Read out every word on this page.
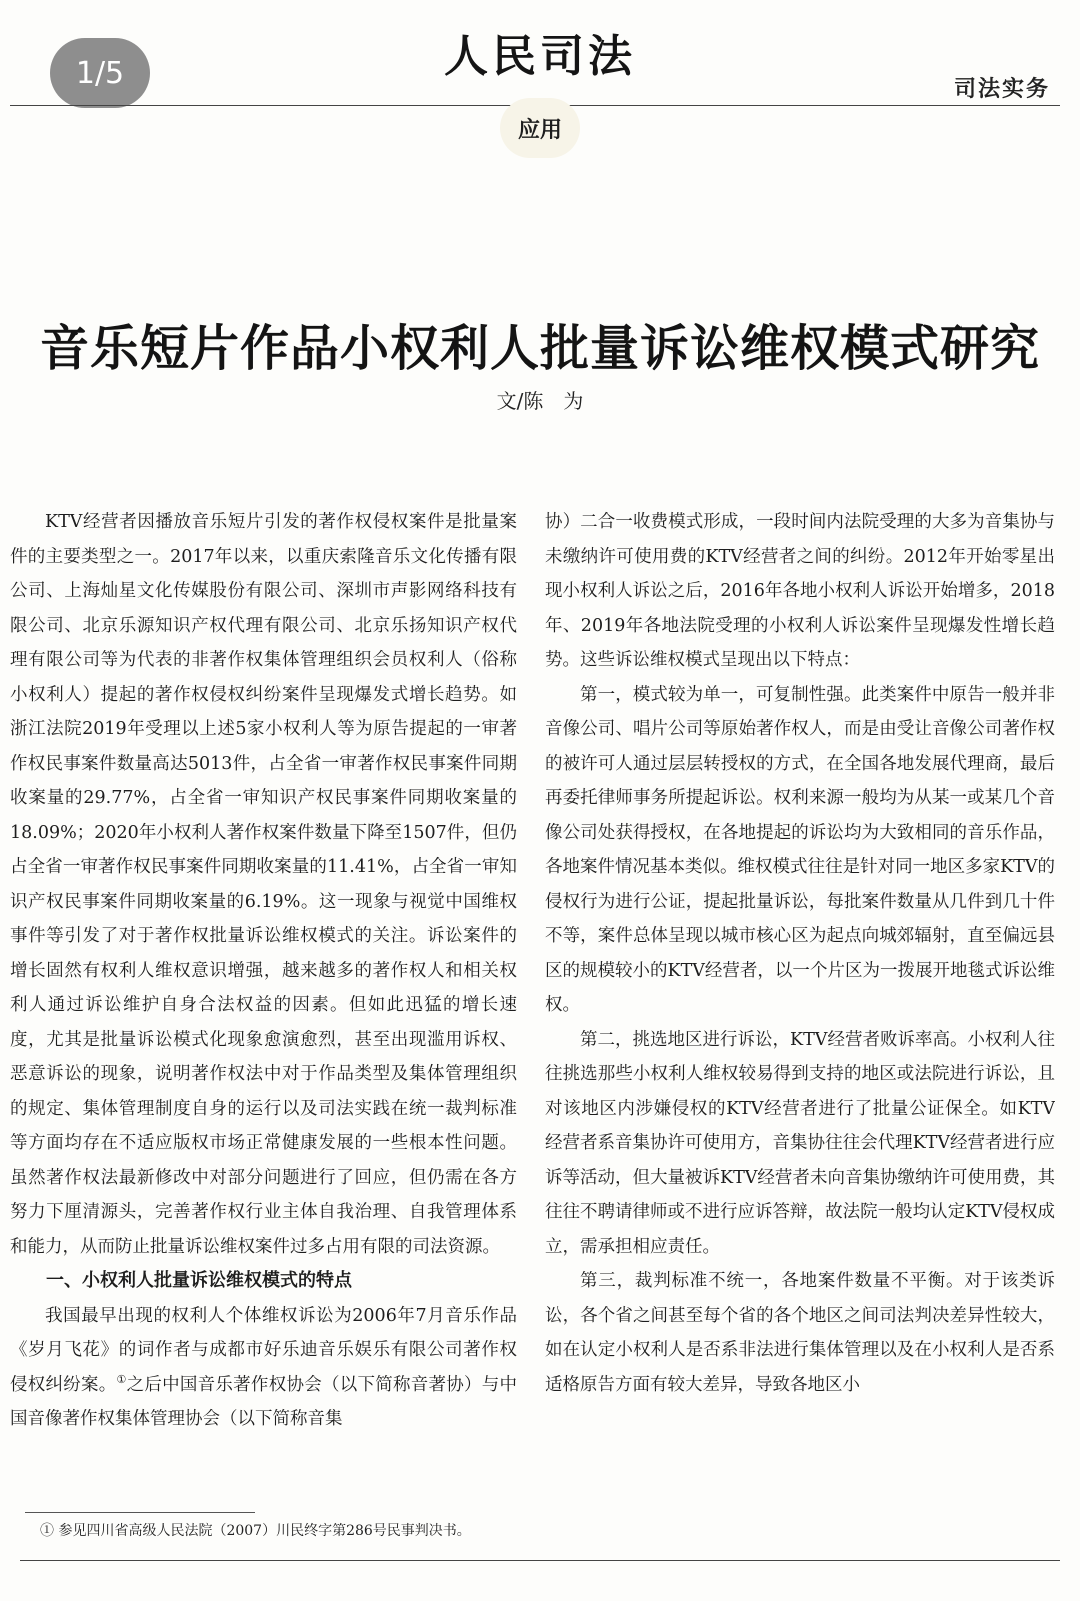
1/5	人民司法
司法实务
应用
音乐短片作品小权利人批量诉讼维权模式研究
文/陈　为

KTV经营者因播放音乐短片引发的著作权侵权案件是批量案件的主要类型之一。2017年以来，以重庆索隆音乐文化传播有限公司、上海灿星文化传媒股份有限公司、深圳市声影网络科技有限公司、北京乐源知识产权代理有限公司、北京乐扬知识产权代理有限公司等为代表的非著作权集体管理组织会员权利人（俗称小权利人）提起的著作权侵权纠纷案件呈现爆发式增长趋势。如浙江法院2019年受理以上述5家小权利人等为原告提起的一审著作权民事案件数量高达5013件，占全省一审著作权民事案件同期收案量的29.77%，占全省一审知识产权民事案件同期收案量的18.09%；2020年小权利人著作权案件数量下降至1507件，但仍占全省一审著作权民事案件同期收案量的11.41%，占全省一审知识产权民事案件同期收案量的6.19%。这一现象与视觉中国维权事件等引发了对于著作权批量诉讼维权模式的关注。诉讼案件的增长固然有权利人维权意识增强，越来越多的著作权人和相关权利人通过诉讼维护自身合法权益的因素。但如此迅猛的增长速度，尤其是批量诉讼模式化现象愈演愈烈，甚至出现滥用诉权、恶意诉讼的现象，说明著作权法中对于作品类型及集体管理组织的规定、集体管理制度自身的运行以及司法实践在统一裁判标准等方面均存在不适应版权市场正常健康发展的一些根本性问题。虽然著作权法最新修改中对部分问题进行了回应，但仍需在各方努力下厘清源头，完善著作权行业主体自我治理、自我管理体系和能力，从而防止批量诉讼维权案件过多占用有限的司法资源。

一、小权利人批量诉讼维权模式的特点

我国最早出现的权利人个体维权诉讼为2006年7月音乐作品《岁月飞花》的词作者与成都市好乐迪音乐娱乐有限公司著作权侵权纠纷案。①之后中国音乐著作权协会（以下简称音著协）与中国音像著作权集体管理协会（以下简称音集

协）二合一收费模式形成，一段时间内法院受理的大多为音集协与未缴纳许可使用费的KTV经营者之间的纠纷。2012年开始零星出现小权利人诉讼之后，2016年各地小权利人诉讼开始增多，2018年、2019年各地法院受理的小权利人诉讼案件呈现爆发性增长趋势。这些诉讼维权模式呈现出以下特点：

第一，模式较为单一，可复制性强。此类案件中原告一般并非音像公司、唱片公司等原始著作权人，而是由受让音像公司著作权的被许可人通过层层转授权的方式，在全国各地发展代理商，最后再委托律师事务所提起诉讼。权利来源一般均为从某一或某几个音像公司处获得授权，在各地提起的诉讼均为大致相同的音乐作品，各地案件情况基本类似。维权模式往往是针对同一地区多家KTV的侵权行为进行公证，提起批量诉讼，每批案件数量从几件到几十件不等，案件总体呈现以城市核心区为起点向城郊辐射，直至偏远县区的规模较小的KTV经营者，以一个片区为一拨展开地毯式诉讼维权。

第二，挑选地区进行诉讼，KTV经营者败诉率高。小权利人往往挑选那些小权利人维权较易得到支持的地区或法院进行诉讼，且对该地区内涉嫌侵权的KTV经营者进行了批量公证保全。如KTV经营者系音集协许可使用方，音集协往往会代理KTV经营者进行应诉等活动，但大量被诉KTV经营者未向音集协缴纳许可使用费，其往往不聘请律师或不进行应诉答辩，故法院一般均认定KTV侵权成立，需承担相应责任。

第三，裁判标准不统一，各地案件数量不平衡。对于该类诉讼，各个省之间甚至每个省的各个地区之间司法判决差异性较大，如在认定小权利人是否系非法进行集体管理以及在小权利人是否系适格原告方面有较大差异，导致各地区小

① 参见四川省高级人民法院（2007）川民终字第286号民事判决书。
